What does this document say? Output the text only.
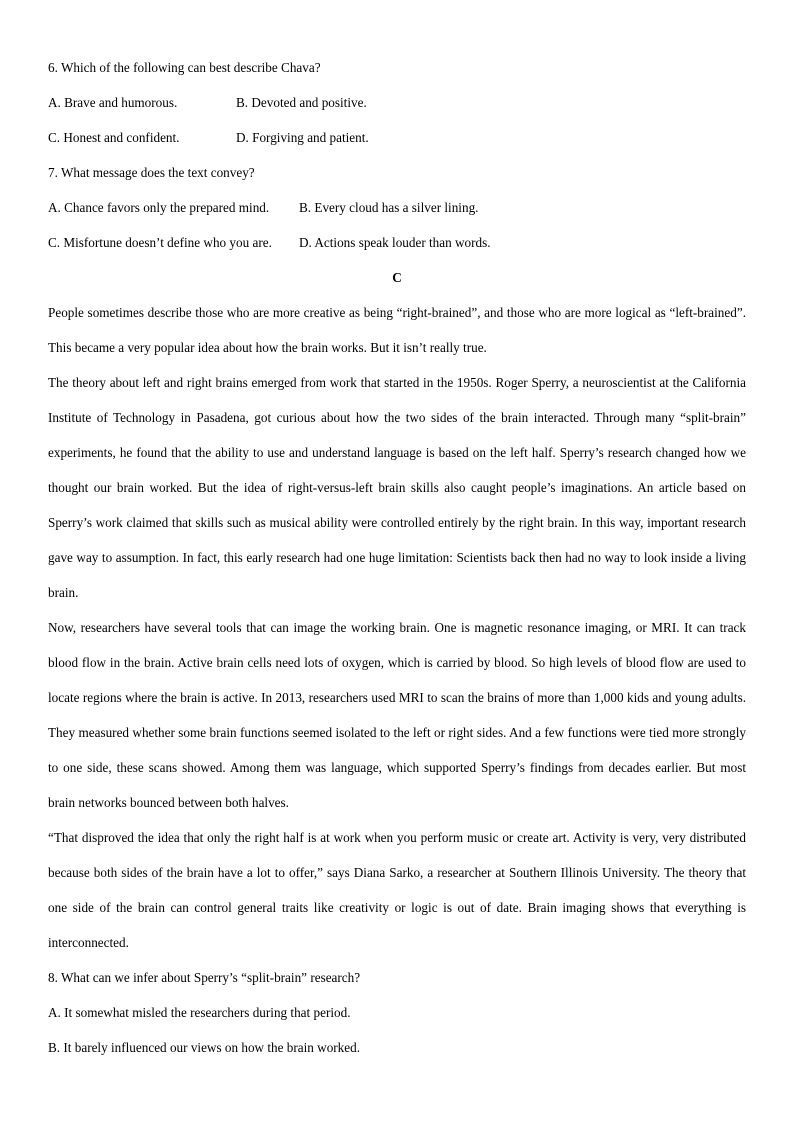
6. Which of the following can best describe Chava?
A. Brave and humorous.	B. Devoted and positive.
C. Honest and confident.	D. Forgiving and patient.
7. What message does the text convey?
A. Chance favors only the prepared mind.	B. Every cloud has a silver lining.
C. Misfortune doesn’t define who you are.	D. Actions speak louder than words.
C

People sometimes describe those who are more creative as being “right-brained”, and those who are more logical as “left-brained”. This became a very popular idea about how the brain works. But it isn’t really true.

The theory about left and right brains emerged from work that started in the 1950s. Roger Sperry, a neuroscientist at the California Institute of Technology in Pasadena, got curious about how the two sides of the brain interacted. Through many “split-brain” experiments, he found that the ability to use and understand language is based on the left half. Sperry’s research changed how we thought our brain worked. But the idea of right-versus-left brain skills also caught people’s imaginations. An article based on Sperry’s work claimed that skills such as musical ability were controlled entirely by the right brain. In this way, important research gave way to assumption. In fact, this early research had one huge limitation: Scientists back then had no way to look inside a living brain.

Now, researchers have several tools that can image the working brain. One is magnetic resonance imaging, or MRI. It can track blood flow in the brain. Active brain cells need lots of oxygen, which is carried by blood. So high levels of blood flow are used to locate regions where the brain is active. In 2013, researchers used MRI to scan the brains of more than 1,000 kids and young adults. They measured whether some brain functions seemed isolated to the left or right sides. And a few functions were tied more strongly to one side, these scans showed. Among them was language, which supported Sperry’s findings from decades earlier. But most brain networks bounced between both halves.

“That disproved the idea that only the right half is at work when you perform music or create art. Activity is very, very distributed because both sides of the brain have a lot to offer,” says Diana Sarko, a researcher at Southern Illinois University. The theory that one side of the brain can control general traits like creativity or logic is out of date. Brain imaging shows that everything is interconnected.

8. What can we infer about Sperry’s “split-brain” research?
A. It somewhat misled the researchers during that period.
B. It barely influenced our views on how the brain worked.
